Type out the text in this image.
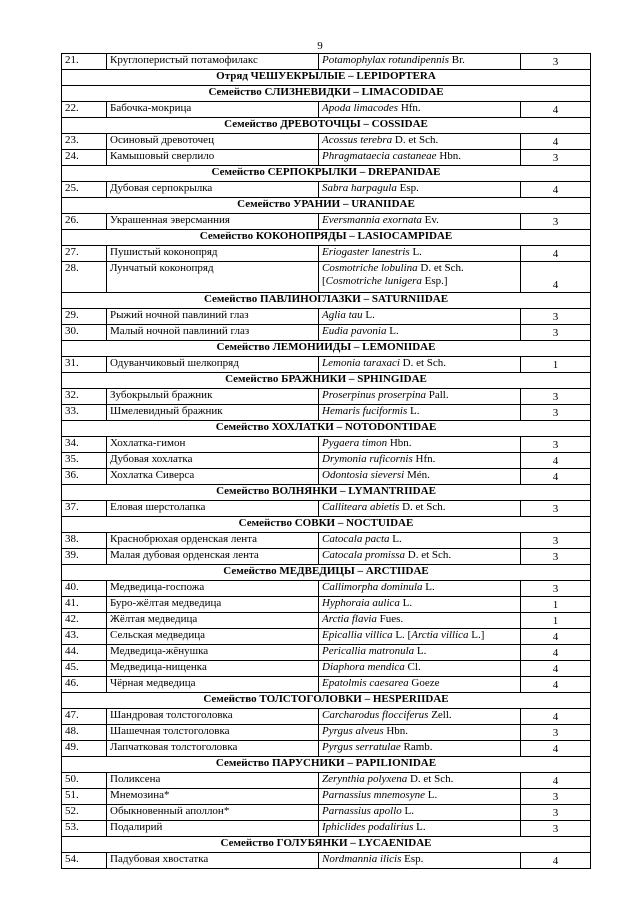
9
21.	Круглоперистый потамофилакс	Potamophylax rotundipennis Br.	3
Отряд ЧЕШУЕКРЫЛЫЕ – LEPIDOPTERA			
Семейство СЛИЗНЕВИДКИ – LIMACODIDAE			
22.	Бабочка-мокрица	Apoda limacodes Hfn.	4
Семейство ДРЕВОТОЧЦЫ – COSSIDAE			
23.	Осиновый древоточец	Acossus terebra D. et Sch.	4
24.	Камышовый сверлило	Phragmataecia castaneae Hbn.	3
Семейство СЕРПОКРЫЛКИ – DREPANIDAE			
25.	Дубовая серпокрылка	Sabra harpagula Esp.	4
Семейство УРАНИИ – URANIIDAE			
26.	Украшенная эверсманния	Eversmannia exornata Ev.	3
Семейство КОКОНОПРЯДЫ – LASIOCAMPIDAE			
27.	Пушистый коконопряд	Eriogaster lanestris L.	4
28.	Лунчатый коконопряд	Cosmotriche lobulina D. et Sch.
[Cosmotriche lunigera Esp.]	4
Семейство ПАВЛИНОГЛАЗКИ – SATURNIIDAE			
29.	Рыжий ночной павлиний глаз	Aglia tau L.	3
30.	Малый ночной павлиний глаз	Eudia pavonia L.	3
Семейство ЛЕМОНИИДЫ – LEMONIIDAE			
31.	Одуванчиковый шелкопряд	Lemonia taraxaci D. et Sch.	1
Семейство БРАЖНИКИ – SPHINGIDAE			
32.	Зубокрылый бражник	Proserpinus proserpina Pall.	3
33.	Шмелевидный бражник	Hemaris fuciformis L.	3
Семейство ХОХЛАТКИ – NOTODONTIDAE			
34.	Хохлатка-гимон	Pygaera timon Hbn.	3
35.	Дубовая хохлатка	Drymonia ruficornis Hfn.	4
36.	Хохлатка Сиверса	Odontosia sieversi Mén.	4
Семейство ВОЛНЯНКИ – LYMANTRIIDAE			
37.	Еловая шерстолапка	Calliteara abietis D. et Sch.	3
Семейство СОВКИ – NOCTUIDAE			
38.	Краснобрюхая орденская лента	Catocala pacta L.	3
39.	Малая дубовая орденская лента	Catocala promissa D. et Sch.	3
Семейство МЕДВЕДИЦЫ – ARCTIIDAE			
40.	Медведица-госпожа	Callimorpha dominula L.	3
41.	Буро-жёлтая медведица	Hyphoraia aulica L.	1
42.	Жёлтая медведица	Arctia flavia Fues.	1
43.	Сельская медведица	Epicallia villica L. [Arctia villica L.]	4
44.	Медведица-жёнушка	Pericallia matronula L.	4
45.	Медведица-нищенка	Diaphora mendica Cl.	4
46.	Чёрная медведица	Epatolmis caesarea Goeze	4
Семейство ТОЛСТОГОЛОВКИ – HESPERIIDAE			
47.	Шандровая толстоголовка	Carcharodus flocciferus Zell.	4
48.	Шашечная толстоголовка	Pyrgus alveus Hbn.	3
49.	Лапчатковая толстоголовка	Pyrgus serratulae Ramb.	4
Семейство ПАРУСНИКИ – PAPILIONIDAE			
50.	Поликсена	Zerynthia polyxena D. et Sch.	4
51.	Мнемозина*	Parnassius mnemosyne L.	3
52.	Обыкновенный аполлон*	Parnassius apollo L.	3
53.	Подалирий	Iphiclides podalirius L.	3
Семейство ГОЛУБЯНКИ – LYCAENIDAE			
54.	Падубовая хвостатка	Nordmannia ilicis Esp.	4
